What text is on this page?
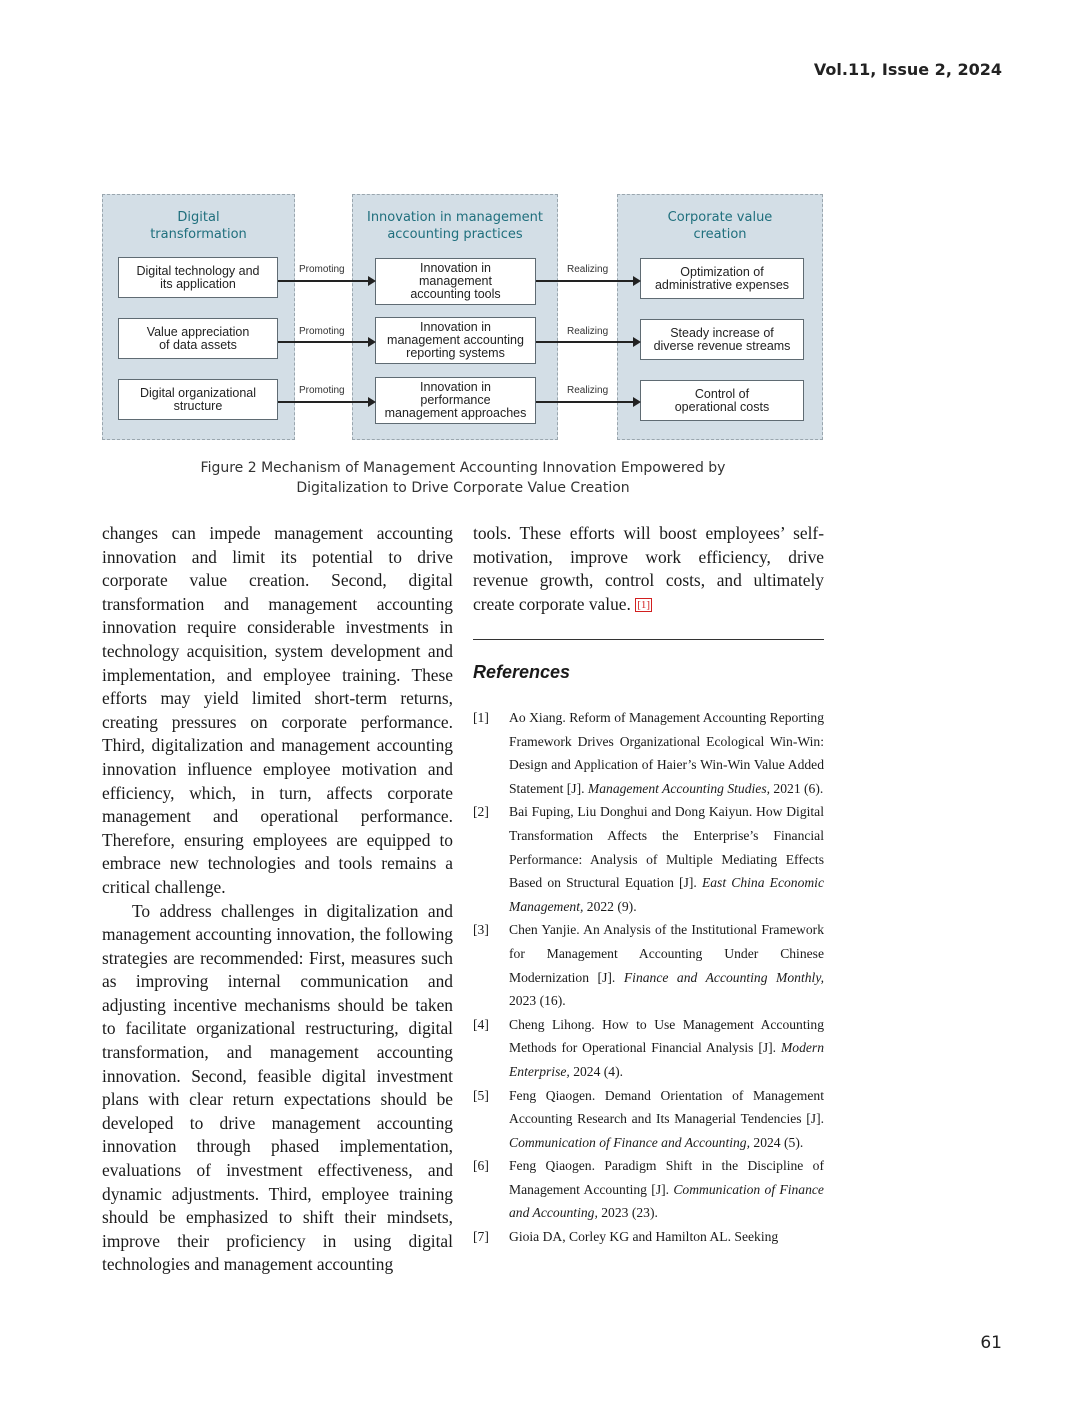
Vol.11, Issue 2, 2024
Digital
transformation
Innovation in management
accounting practices
Corporate value
creation
Digital technology and
its application
Value appreciation
of data assets
Digital organizational
structure
Innovation in
management
accounting tools
Innovation in
management accounting
reporting systems
Innovation in
performance
management approaches
Optimization of
administrative expenses
Steady increase of
diverse revenue streams
Control of
operational costs
Promoting
Promoting
Promoting
Realizing
Realizing
Realizing
Figure 2 Mechanism of Management Accounting Innovation Empowered by
Digitalization to Drive Corporate Value Creation

changes can impede management accounting innovation and limit its potential to drive corporate value creation. Second, digital transformation and management accounting innovation require considerable investments in technology acquisition, system development and implementation, and employee training. These efforts may yield limited short-term returns, creating pressures on corporate performance. Third, digitalization and management accounting innovation influence employee motivation and efficiency, which, in turn, affects corporate management and operational performance. Therefore, ensuring employees are equipped to embrace new technologies and tools remains a critical challenge.

To address challenges in digitalization and management accounting innovation, the following strategies are recommended: First, measures such as improving internal communication and adjusting incentive mechanisms should be taken to facilitate organizational restructuring, digital transformation, and management accounting innovation. Second, feasible digital investment plans with clear return expectations should be developed to drive management accounting innovation through phased implementation, evaluations of investment effectiveness, and dynamic adjustments. Third, employee training should be emphasized to shift their mindsets, improve their proficiency in using digital technologies and management accounting

tools. These efforts will boost employees’ self-motivation, improve work efficiency, drive revenue growth, control costs, and ultimately create corporate value. [1]

References
[1]	Ao Xiang. Reform of Management Accounting Reporting Framework Drives Organizational Ecological Win-Win: Design and Application of Haier’s Win-Win Value Added Statement [J]. Management Accounting Studies, 2021 (6).
[2]	Bai Fuping, Liu Donghui and Dong Kaiyun. How Digital Transformation Affects the Enterprise’s Financial Performance: Analysis of Multiple Mediating Effects Based on Structural Equation [J]. East China Economic Management, 2022 (9).
[3]	Chen Yanjie. An Analysis of the Institutional Framework for Management Accounting Under Chinese Modernization [J]. Finance and Accounting Monthly, 2023 (16).
[4]	Cheng Lihong. How to Use Management Accounting Methods for Operational Financial Analysis [J]. Modern Enterprise, 2024 (4).
[5]	Feng Qiaogen. Demand Orientation of Management Accounting Research and Its Managerial Tendencies [J]. Communication of Finance and Accounting, 2024 (5).
[6]	Feng Qiaogen. Paradigm Shift in the Discipline of Management Accounting [J]. Communication of Finance and Accounting, 2023 (23).
[7]	Gioia DA, Corley KG and Hamilton AL. Seeking
61
